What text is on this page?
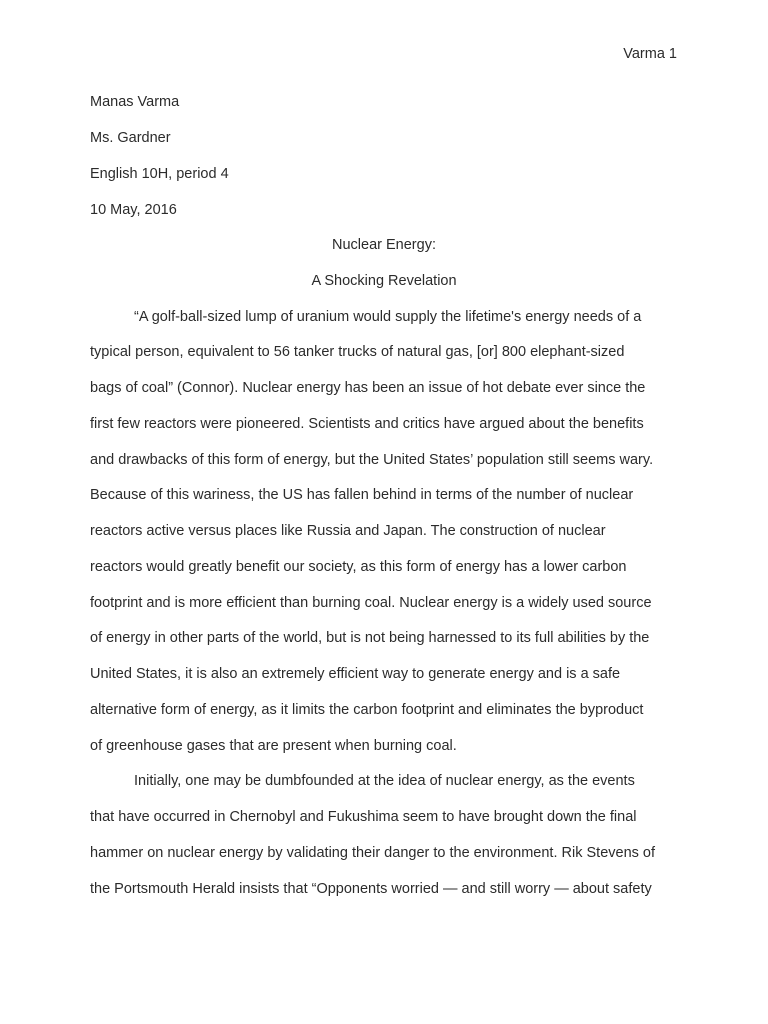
Varma 1
Manas Varma
Ms. Gardner
English 10H, period 4
10 May, 2016
Nuclear Energy:
A Shocking Revelation
“A golf-ball-sized lump of uranium would supply the lifetime's energy needs of a
typical person, equivalent to 56 tanker trucks of natural gas, [or] 800 elephant-sized
bags of coal” (Connor). Nuclear energy has been an issue of hot debate ever since the
first few reactors were pioneered. Scientists and critics have argued about the benefits
and drawbacks of this form of energy, but the United States’ population still seems wary.
Because of this wariness, the US has fallen behind in terms of the number of nuclear
reactors active versus places like Russia and Japan. The construction of nuclear
reactors would greatly benefit our society, as this form of energy has a lower carbon
footprint and is more efficient than burning coal. Nuclear energy is a widely used source
of energy in other parts of the world, but is not being harnessed to its full abilities by the
United States, it is also an extremely efficient way to generate energy and is a safe
alternative form of energy, as it limits the carbon footprint and eliminates the byproduct
of greenhouse gases that are present when burning coal.
Initially, one may be dumbfounded at the idea of nuclear energy, as the events
that have occurred in Chernobyl and Fukushima seem to have brought down the final
hammer on nuclear energy by validating their danger to the environment. Rik Stevens of
the Portsmouth Herald insists that “Opponents worried — and still worry — about safety
